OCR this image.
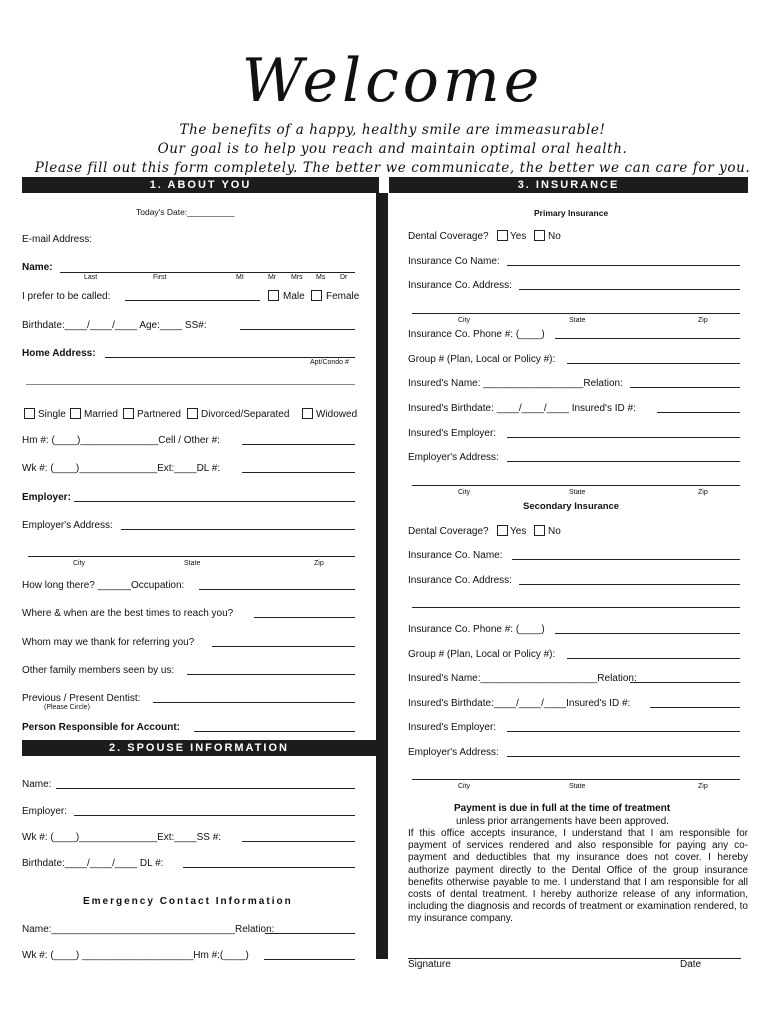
Welcome
The benefits of a happy, healthy smile are immeasurable!
Our goal is to help you reach and maintain optimal oral health.
Please fill out this form completely. The better we communicate, the better we can care for you.
1. ABOUT YOU	3. INSURANCE
2. SPOUSE INFORMATION
Today's Date:__________
E-mail Address:
Name:
Last	First	MI	Mr Mrs Ms Dr
I prefer to be called:	Male Female
Birthdate:____/____/____ Age:____ SS#:
Home Address:
Apt/Condo #
Single Married Partnered Divorced/Separated	Widowed
Hm #: (____)______________Cell / Other #:
Wk #: (____)______________Ext:____DL #:
Employer:
Employer's Address:
City	State	Zip
How long there? ______Occupation:
Where & when are the best times to reach you?
Whom may we thank for referring you?
Other family members seen by us:
Previous / Present Dentist:
(Please Circle)
Person Responsible for Account:
Name:
Employer:
Wk #: (____)______________Ext:____SS #:
Birthdate:____/____/____ DL #:
Emergency Contact Information
Name:_________________________________Relation:
Wk #: (____) ____________________Hm #:(____)
Primary Insurance
Dental Coverage? Yes No
Insurance Co Name:
Insurance Co. Address:
City	State	Zip
Insurance Co. Phone #: (____)
Group # (Plan, Local or Policy #):
Insured's Name: __________________Relation:
Insured's Birthdate: ____/____/____ Insured's ID #:
Insured's Employer:
Employer's Address:
City	State	Zip
Secondary Insurance
Dental Coverage? Yes No
Insurance Co. Name:
Insurance Co. Address:
Insurance Co. Phone #: (____)
Group # (Plan, Local or Policy #):
Insured's Name:_____________________Relation:
Insured's Birthdate:____/____/____Insured's ID #:
Insured's Employer:
Employer's Address:
City	State	Zip
Payment is due in full at the time of treatment
unless prior arrangements have been approved.
If this office accepts insurance, I understand that I am responsible for payment of services rendered and also responsible for paying any co-payment and deductibles that my insurance does not cover. I hereby authorize payment directly to the Dental Office of the group insurance benefits otherwise payable to me. I understand that I am responsible for all costs of dental treatment. I hereby authorize release of any information, including the diagnosis and records of treatment or examination rendered, to my insurance company.
Signature	Date
